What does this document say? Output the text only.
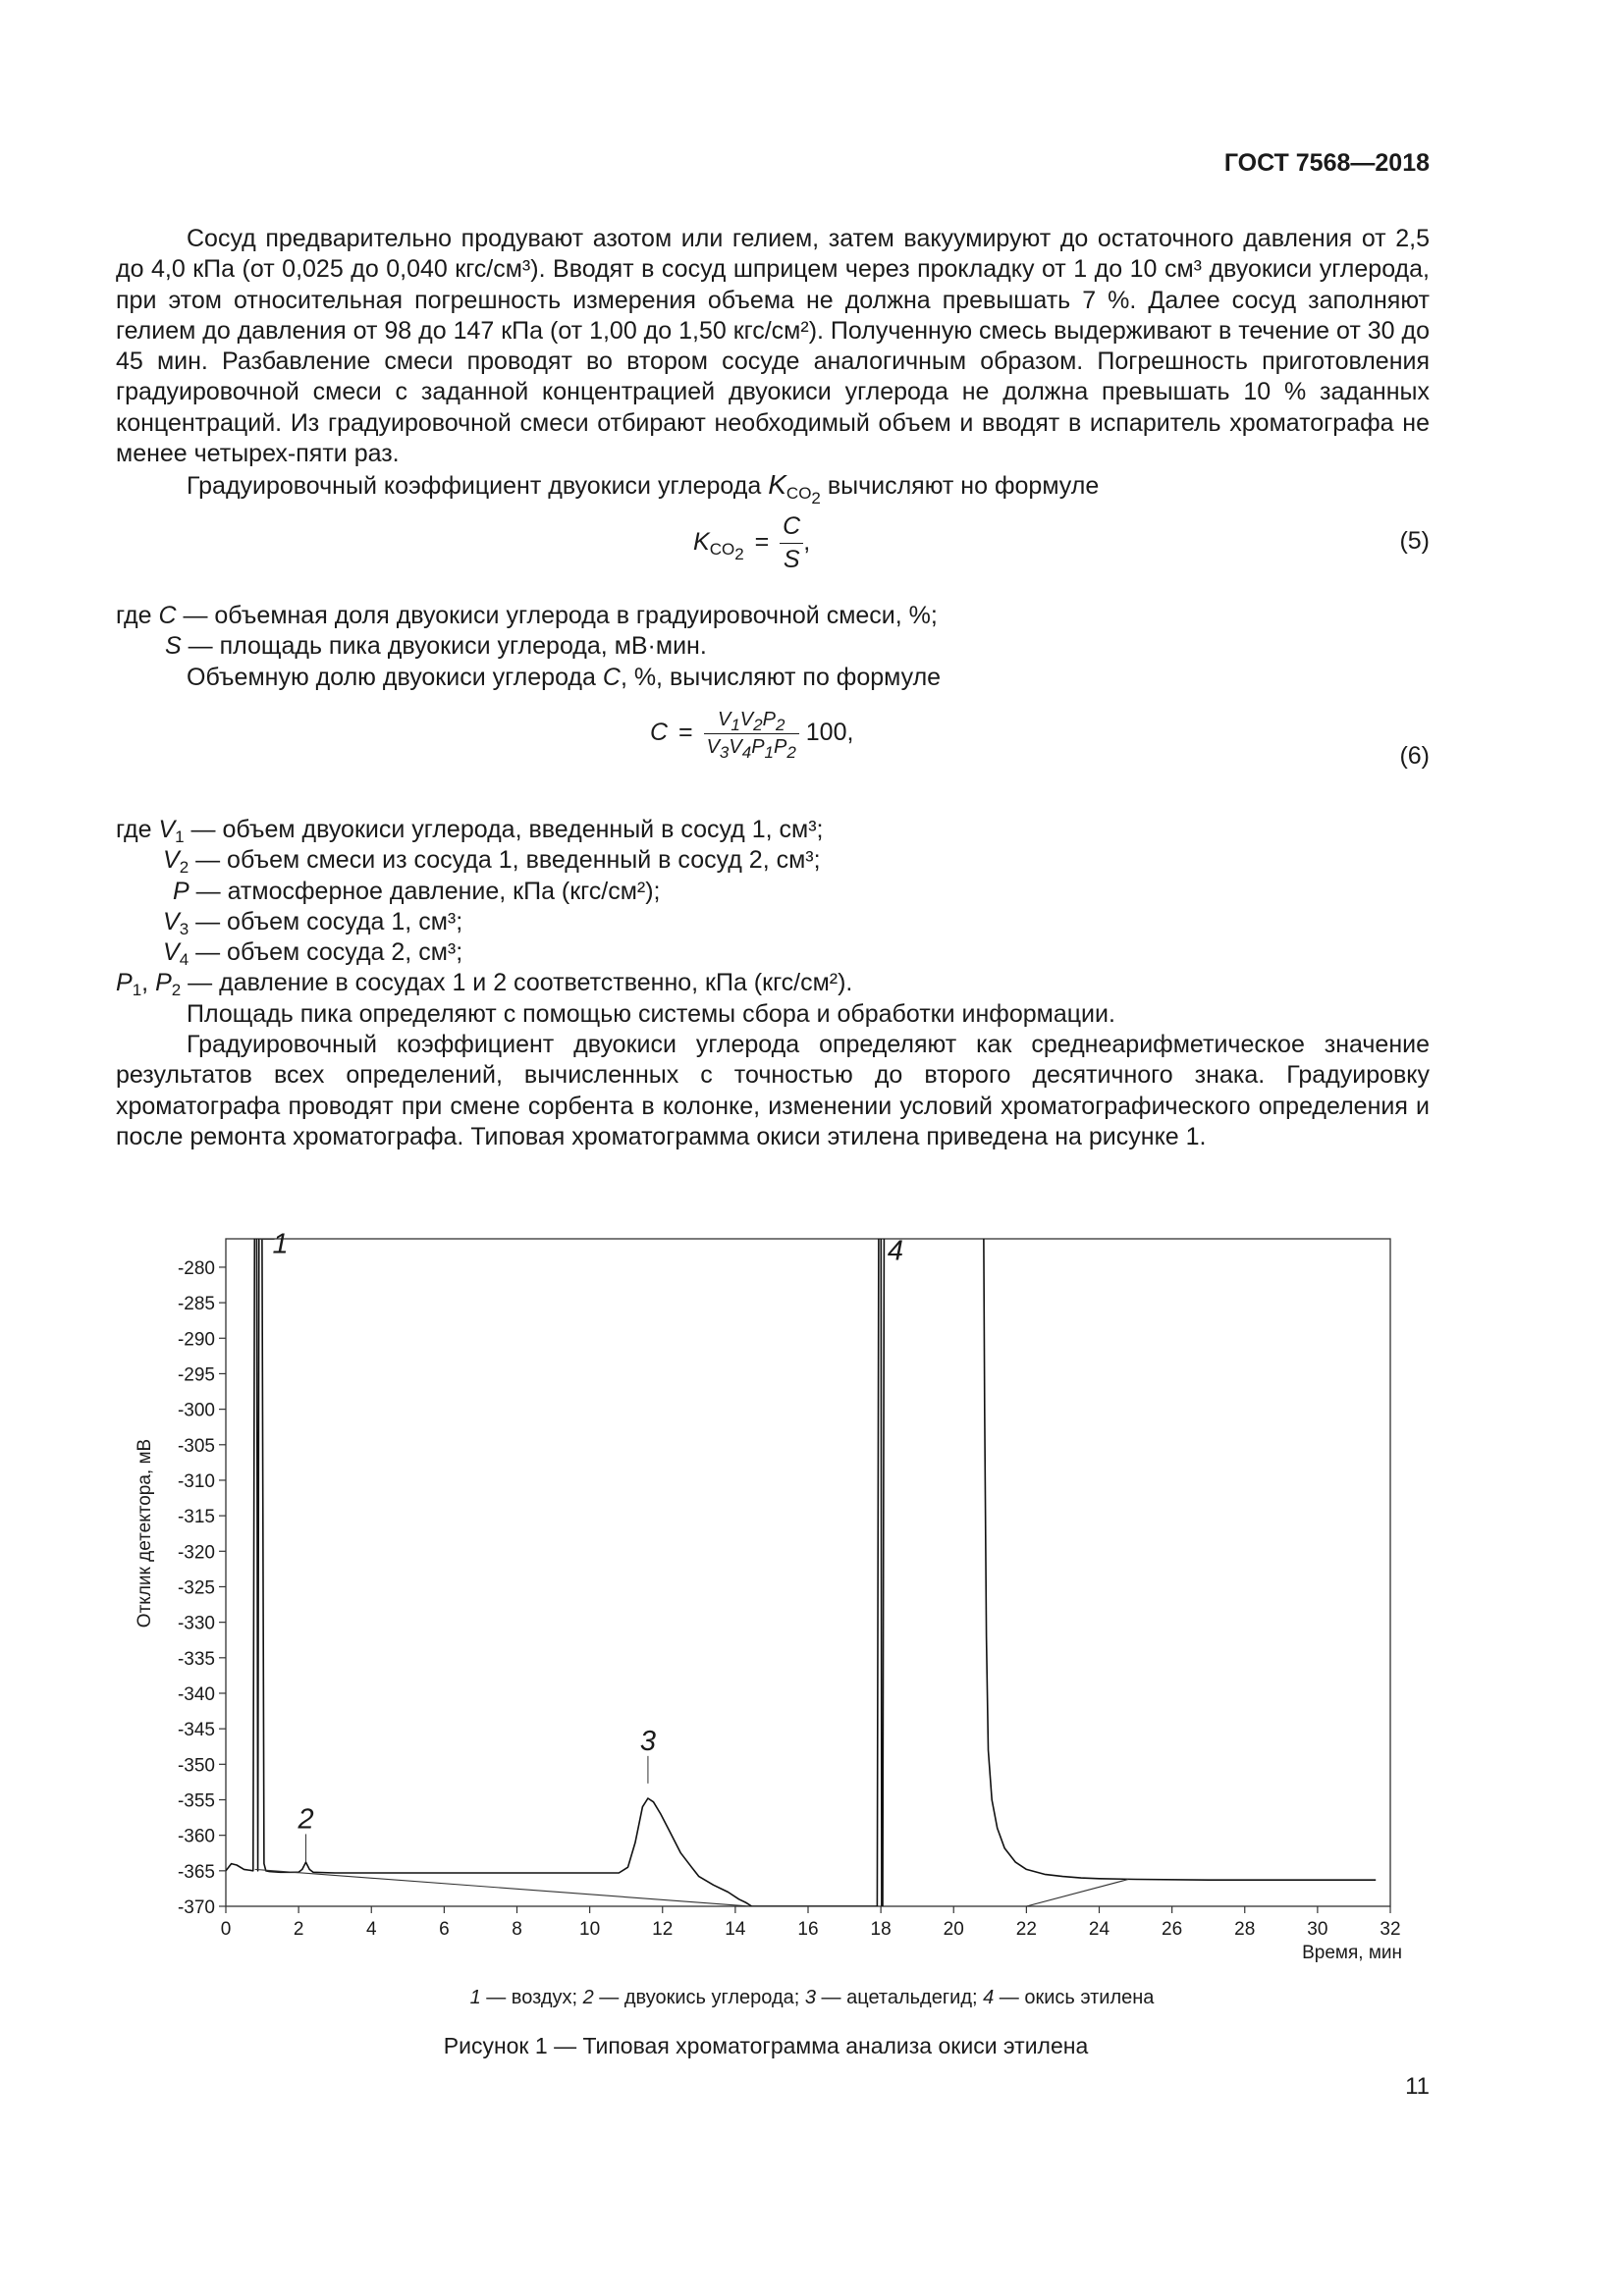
ГОСТ 7568—2018

Сосуд предварительно продувают азотом или гелием, затем вакуумируют до остаточного давления от 2,5 до 4,0 кПа (от 0,025 до 0,040 кгс/см³). Вводят в сосуд шприцем через прокладку от 1 до 10 см³ двуокиси углерода, при этом относительная погрешность измерения объема не должна превышать 7 %. Далее сосуд заполняют гелием до давления от 98 до 147 кПа (от 1,00 до 1,50 кгс/см²). Полученную смесь выдерживают в течение от 30 до 45 мин. Разбавление смеси проводят во втором сосуде аналогичным образом. Погрешность приготовления градуировочной смеси с заданной концентрацией двуокиси углерода не должна превышать 10 % заданных концентраций. Из градуировочной смеси отбирают необходимый объем и вводят в испаритель хроматографа не менее четырех-пяти раз.

Градуировочный коэффициент двуокиси углерода $K_{CO_2}$ вычисляют но формуле

$K_{CO_2} = \frac{C}{S}$ ,	(5)

где C — объемная доля двуокиси углерода в градуировочной смеси, %;

S — площадь пика двуокиси углерода, мВ·мин.

Объемную долю двуокиси углерода C, %, вычисляют по формуле

$C = \frac{V_1V_2P_2}{V_3V_4P_1P_2} 100$,
(6)

где $V_1$ — объем двуокиси углерода, введенный в сосуд 1, см³;

$V_2$ — объем смеси из сосуда 1, введенный в сосуд 2, см³;

P — атмосферное давление, кПа (кгс/см²);

$V_3$ — объем сосуда 1, см³;

$V_4$ — объем сосуда 2, см³;

$P_1$, $P_2$ — давление в сосудах 1 и 2 соответственно, кПа (кгс/см²).

Площадь пика определяют с помощью системы сбора и обработки информации.

Градуировочный коэффициент двуокиси углерода определяют как среднеарифметическое значение результатов всех определений, вычисленных с точностью до второго десятичного знака. Градуировку хроматографа проводят при смене сорбента в колонке, изменении условий хроматографического определения и после ремонта хроматографа. Типовая хроматограмма окиси этилена приведена на рисунке 1.

-280
-285
-290
-295
-300
-305
-310
-315
-320
-325
-330
-335
-340
-345
-350
-355
-360
-365
-370
0	2	4	6	8	10	12	14	16	18	20	22	24	26	28	30	32
Время, мин
Отклик детектора, мВ
1
2
3
4
1 — воздух; 2 — двуокись углерода; 3 — ацетальдегид; 4 — окись этилена
Рисунок 1 — Типовая хроматограмма анализа окиси этилена
11
